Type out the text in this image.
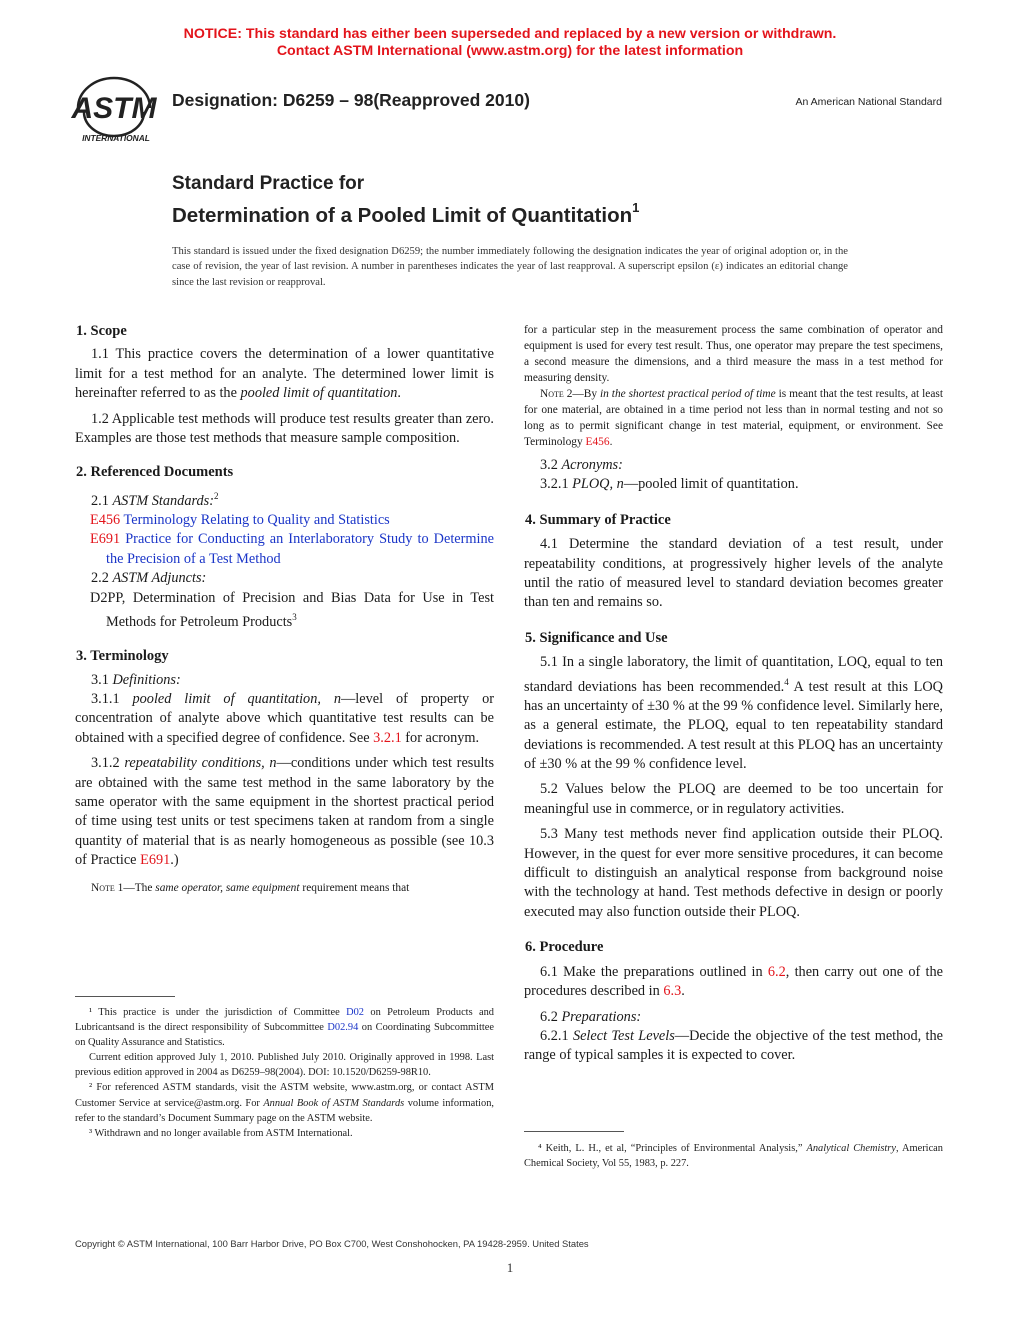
NOTICE: This standard has either been superseded and replaced by a new version or withdrawn.
Contact ASTM International (www.astm.org) for the latest information
ASTM
INTERNATIONAL
Designation: D6259 – 98(Reapproved 2010)	An American National Standard
Standard Practice for
Determination of a Pooled Limit of Quantitation$^1$
This standard is issued under the fixed designation D6259; the number immediately following the designation indicates the year of original adoption or, in the case of revision, the year of last revision. A number in parentheses indicates the year of last reapproval. A superscript epsilon (ε) indicates an editorial change since the last revision or reapproval.
1. Scope

1.1 This practice covers the determination of a lower quantitative limit for a test method for an analyte. The determined lower limit is hereinafter referred to as the pooled limit of quantitation.

1.2 Applicable test methods will produce test results greater than zero. Examples are those test methods that measure sample composition.

2. Referenced Documents

2.1 ASTM Standards:$^2$

E456 Terminology Relating to Quality and Statistics

E691 Practice for Conducting an Interlaboratory Study to Determine the Precision of a Test Method

2.2 ASTM Adjuncts:

D2PP, Determination of Precision and Bias Data for Use in Test Methods for Petroleum Products$^3$

3. Terminology

3.1 Definitions:

3.1.1 pooled limit of quantitation, n—level of property or concentration of analyte above which quantitative test results can be obtained with a specified degree of confidence. See 3.2.1 for acronym.

3.1.2 repeatability conditions, n—conditions under which test results are obtained with the same test method in the same laboratory by the same operator with the same equipment in the shortest practical period of time using test units or test specimens taken at random from a single quantity of material that is as nearly homogeneous as possible (see 10.3 of Practice E691.)

Note 1—The same operator, same equipment requirement means that

¹ This practice is under the jurisdiction of Committee D02 on Petroleum Products and Lubricantsand is the direct responsibility of Subcommittee D02.94 on Coordinating Subcommittee on Quality Assurance and Statistics.
Current edition approved July 1, 2010. Published July 2010. Originally approved in 1998. Last previous edition approved in 2004 as D6259–98(2004). DOI: 10.1520/D6259-98R10.
² For referenced ASTM standards, visit the ASTM website, www.astm.org, or contact ASTM Customer Service at service@astm.org. For Annual Book of ASTM Standards volume information, refer to the standard’s Document Summary page on the ASTM website.
³ Withdrawn and no longer available from ASTM International.

for a particular step in the measurement process the same combination of operator and equipment is used for every test result. Thus, one operator may prepare the test specimens, a second measure the dimensions, and a third measure the mass in a test method for measuring density.

Note 2—By in the shortest practical period of time is meant that the test results, at least for one material, are obtained in a time period not less than in normal testing and not so long as to permit significant change in test material, equipment, or environment. See Terminology E456.

3.2 Acronyms:

3.2.1 PLOQ, n—pooled limit of quantitation.

4. Summary of Practice

4.1 Determine the standard deviation of a test result, under repeatability conditions, at progressively higher levels of the analyte until the ratio of measured level to standard deviation becomes greater than ten and remains so.

5. Significance and Use

5.1 In a single laboratory, the limit of quantitation, LOQ, equal to ten standard deviations has been recommended.$^4$ A test result at this LOQ has an uncertainty of ±30 % at the 99 % confidence level. Similarly here, as a general estimate, the PLOQ, equal to ten repeatability standard deviations is recommended. A test result at this PLOQ has an uncertainty of ±30 % at the 99 % confidence level.

5.2 Values below the PLOQ are deemed to be too uncertain for meaningful use in commerce, or in regulatory activities.

5.3 Many test methods never find application outside their PLOQ. However, in the quest for ever more sensitive procedures, it can become difficult to distinguish an analytical response from background noise with the technology at hand. Test methods defective in design or poorly executed may also function outside their PLOQ.

6. Procedure

6.1 Make the preparations outlined in 6.2, then carry out one of the procedures described in 6.3.

6.2 Preparations:

6.2.1 Select Test Levels—Decide the objective of the test method, the range of typical samples it is expected to cover.

⁴ Keith, L. H., et al, “Principles of Environmental Analysis,” Analytical Chemistry, American Chemical Society, Vol 55, 1983, p. 227.
Copyright © ASTM International, 100 Barr Harbor Drive, PO Box C700, West Conshohocken, PA 19428-2959. United States
1
